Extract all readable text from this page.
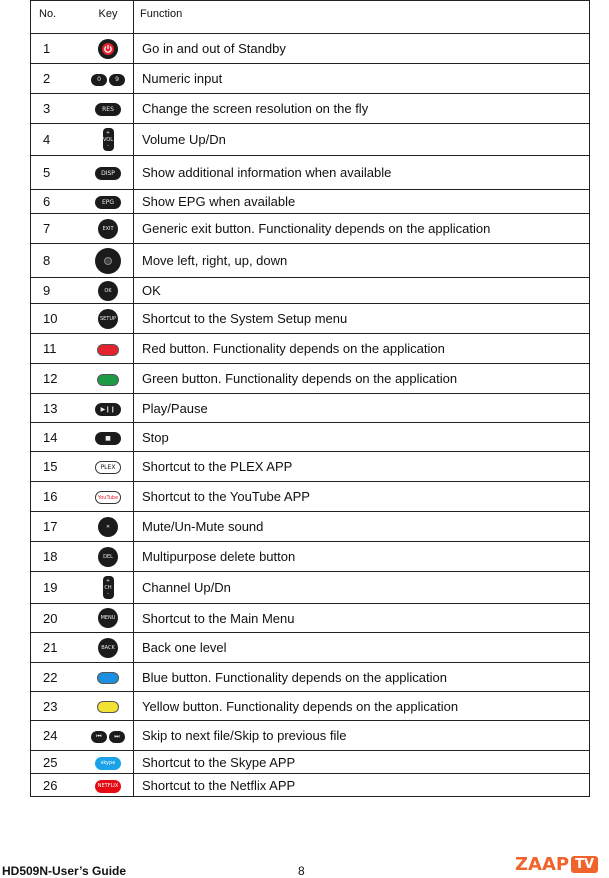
No.	Key	Function
1		Go in and out of Standby
2	0 9	Numeric input
3	RES	Change the screen resolution on the fly
4	+
VOL
-	Volume Up/Dn
5	DISP	Show additional information when available
6	EPG	Show EPG when available
7	EXIT	Generic exit button. Functionality depends on the application
8		Move left, right, up, down
9	OK	OK
10	SETUP	Shortcut to the System Setup menu
11		Red button. Functionality depends on the application
12		Green button. Functionality depends on the application
13	▶❙❙	Play/Pause
14	■	Stop
15	PLEX	Shortcut to the PLEX APP
16	YouTube	Shortcut to the YouTube APP
17	✕	Mute/Un-Mute sound
18	DEL	Multipurpose delete button
19	+
CH
-	Channel Up/Dn
20	MENU	Shortcut to the Main Menu
21	BACK	Back one level
22		Blue button. Functionality depends on the application
23		Yellow button. Functionality depends on the application
24	⏮ ⏭	Skip to next file/Skip to previous file
25	skype	Shortcut to the Skype APP
26	NETFLIX	Shortcut to the Netflix APP
HD509N-User’s Guide	8	ZAAP TV
